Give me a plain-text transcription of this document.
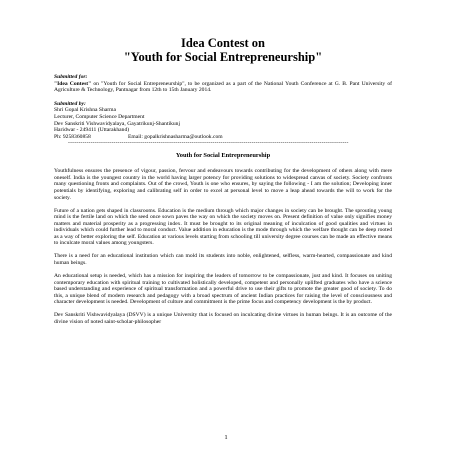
Idea Contest on
"Youth for Social Entrepreneurship"
Submitted for:
"Idea Contest" on "Youth for Social Entrepreneurship", to be organized as a part of the National Youth Conference at G. B. Pant University of Agriculture & Technology, Pantnagar from 12th to 15th January 2014.
Submitted by:
Shri Gopal Krishna Sharma
Lecturer, Computer Science Department
Dev Sanskriti Vishwavidyalaya, Gayatrikunj-Shantikunj
Haridwar - 249411 (Uttarakhand)
Ph: 9258360858	Email: gopalkrishnasharma@outlook.com
----------------------------------------------------------------------------------------------------------------------------------------
Youth for Social Entrepreneurship
Youthfulness ensures the presence of vigour, passion, fervour and endeavours towards contributing for the development of others along with mere oneself. India is the youngest country in the world having larger potency for providing solutions to widespread canvas of society. Society confronts many questioning fronts and complaints. Out of the crowd, Youth is one who ensures, by saying the following - I am the solution; Developing inner potentials by identifying, exploring and calibrating self in order to excel at personal level to move a leap ahead towards the will to work for the society.
Future of a nation gets shaped in classrooms. Education is the medium through which major changes in society can be brought. The sprouting young mind is the fertile land on which the seed once sown paves the way on which the society moves on. Present definition of value only signifies money matters and material prosperity as a progressing index. It must be brought to its original meaning of inculcation of good qualities and virtues in individuals which could further lead to moral conduct. Value addition in education is the mode through which the welfare thought can be deep rooted as a way of better exploring the self. Education at various levels starting from schooling till university degree courses can be made an effective means to inculcate moral values among youngsters.
There is a need for an educational institution which can mold its students into noble, enlightened, selfless, warm-hearted, compassionate and kind human beings.
An educational setup is needed, which has a mission for inspiring the leaders of tomorrow to be compassionate, just and kind. It focuses on uniting contemporary education with spiritual training to cultivated holistically developed, competent and personally uplifted graduates who have a science based understanding and experience of spiritual transformation and a powerful drive to use their gifts to promote the greater good of society. To do this, a unique blend of modern research and pedagogy with a broad spectrum of ancient Indian practices for raising the level of consciousness and character development is needed. Development of culture and commitment is the prime focus and competency development is the by product.
Dev Sanskriti Vishwavidyalaya (DSVV) is a unique University that is focused on inculcating divine virtues in human beings. It is an outcome of the divine vision of noted saint-scholar-philosopher
1
